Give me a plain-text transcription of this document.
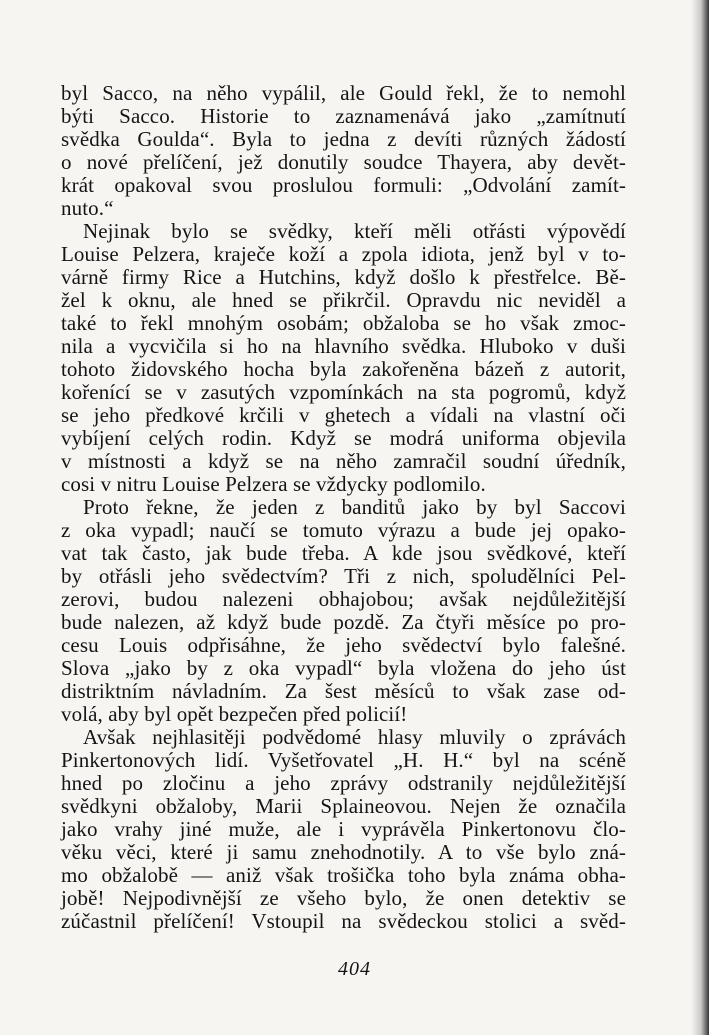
byl Sacco, na něho vypálil, ale Gould řekl, že to nemohl
býti Sacco. Historie to zaznamenává jako „zamítnutí
svědka Goulda“. Byla to jedna z devíti různých žádostí
o nové přelíčení, jež donutily soudce Thayera, aby devět-
krát opakoval svou proslulou formuli: „Odvolání zamít-
nuto.“
Nejinak bylo se svědky, kteří měli otřásti výpovědí
Louise Pelzera, kraječe koží a zpola idiota, jenž byl v to-
várně firmy Rice a Hutchins, když došlo k přestřelce. Bě-
žel k oknu, ale hned se přikrčil. Opravdu nic neviděl a
také to řekl mnohým osobám; obžaloba se ho však zmoc-
nila a vycvičila si ho na hlavního svědka. Hluboko v duši
tohoto židovského hocha byla zakořeněna bázeň z autorit,
kořenící se v zasutých vzpomínkách na sta pogromů, když
se jeho předkové krčili v ghetech a vídali na vlastní oči
vybíjení celých rodin. Když se modrá uniforma objevila
v místnosti a když se na něho zamračil soudní úředník,
cosi v nitru Louise Pelzera se vždycky podlomilo.
Proto řekne, že jeden z banditů jako by byl Saccovi
z oka vypadl; naučí se tomuto výrazu a bude jej opako-
vat tak často, jak bude třeba. A kde jsou svědkové, kteří
by otřásli jeho svědectvím? Tři z nich, spoludělníci Pel-
zerovi, budou nalezeni obhajobou; avšak nejdůležitější
bude nalezen, až když bude pozdě. Za čtyři měsíce po pro-
cesu Louis odpřisáhne, že jeho svědectví bylo falešné.
Slova „jako by z oka vypadl“ byla vložena do jeho úst
distriktním návladním. Za šest měsíců to však zase od-
volá, aby byl opět bezpečen před policií!
Avšak nejhlasitěji podvědomé hlasy mluvily o zprávách
Pinkertonových lidí. Vyšetřovatel „H. H.“ byl na scéně
hned po zločinu a jeho zprávy odstranily nejdůležitější
svědkyni obžaloby, Marii Splaineovou. Nejen že označila
jako vrahy jiné muže, ale i vyprávěla Pinkertonovu člo-
věku věci, které ji samu znehodnotily. A to vše bylo zná-
mo obžalobě — aniž však trošička toho byla známa obha-
jobě! Nejpodivnější ze všeho bylo, že onen detektiv se
zúčastnil přelíčení! Vstoupil na svědeckou stolici a svěd-
404
